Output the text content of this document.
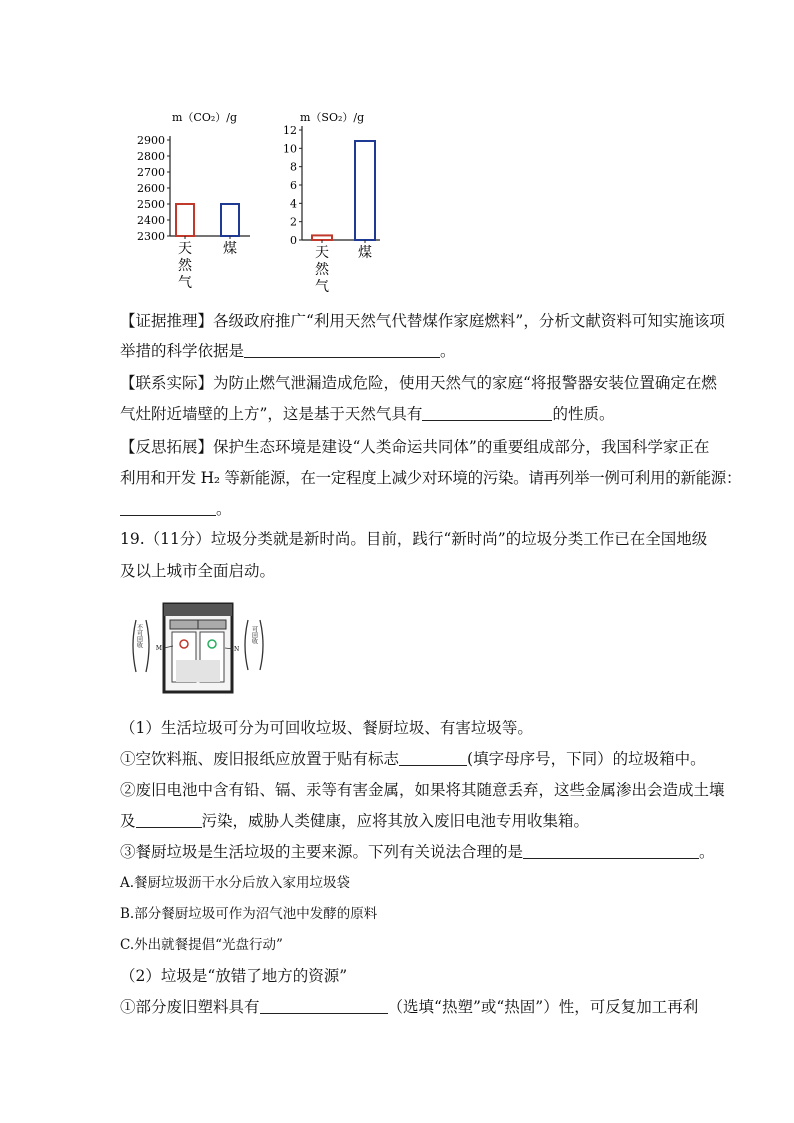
m（CO₂）/g
2300
2400
2500
2600
2700
2800
2900
天
然
气
煤
m（SO₂）/g
0
2
4
6
8
10
12
天
然
气
煤
【证据推理】各级政府推广“利用天然气代替煤作家庭燃料”，分析文献资料可知实施该项
举措的科学依据是	。
【联系实际】为防止燃气泄漏造成危险，使用天然气的家庭“将报警器安装位置确定在燃
气灶附近墙壁的上方”，这是基于天然气具有	的性质。
【反思拓展】保护生态环境是建设“人类命运共同体”的重要组成部分，我国科学家正在
利用和开发 H₂ 等新能源，在一定程度上减少对环境的污染。请再列举一例可利用的新能源：
。
19.（11分）垃圾分类就是新时尚。目前，践行“新时尚”的垃圾分类工作已在全国地级
及以上城市全面启动。
不可回收	可回收
M	N
（1）生活垃圾可分为可回收垃圾、餐厨垃圾、有害垃圾等。
①空饮料瓶、废旧报纸应放置于贴有标志	(填字母序号，下同）的垃圾箱中。
②废旧电池中含有铅、镉、汞等有害金属，如果将其随意丢弃，这些金属渗出会造成土壤
及	污染，威胁人类健康，应将其放入废旧电池专用收集箱。
③餐厨垃圾是生活垃圾的主要来源。下列有关说法合理的是	。
A.餐厨垃圾沥干水分后放入家用垃圾袋
B.部分餐厨垃圾可作为沼气池中发酵的原料
C.外出就餐提倡“光盘行动”
（2）垃圾是“放错了地方的资源”
①部分废旧塑料具有	（选填“热塑”或“热固”）性，可反复加工再利
